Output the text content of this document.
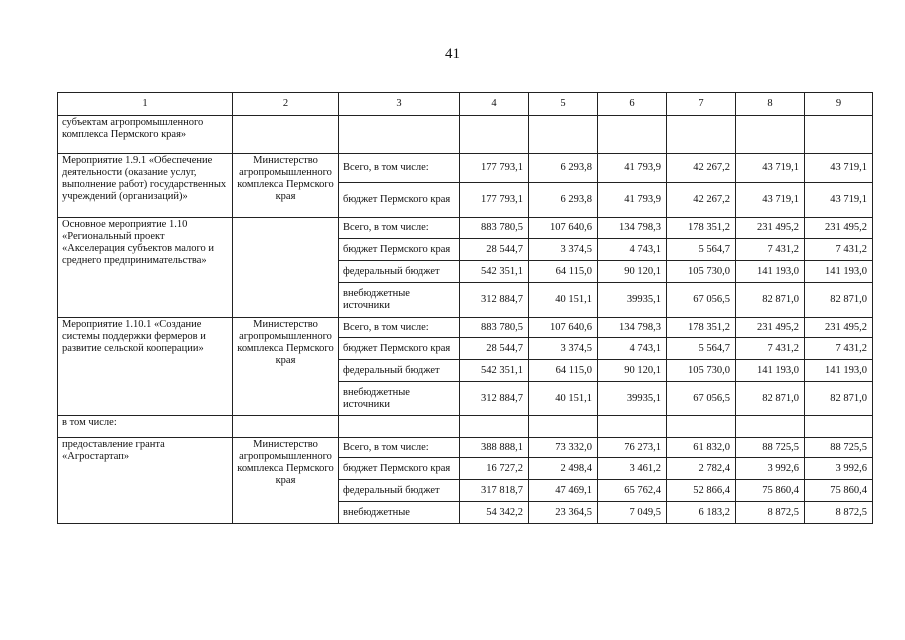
41
1	2	3	4	5	6	7	8	9
субъектам агропромышленного комплекса Пермского края»								
Мероприятие 1.9.1 «Обеспечение деятельности (оказание услуг, выполнение работ) государственных учреждений (организаций)»	Министерство агропромышленного комплекса Пермского края	Всего, в том числе:	177 793,1	6 293,8	41 793,9	42 267,2	43 719,1	43 719,1
		бюджет Пермского края	177 793,1	6 293,8	41 793,9	42 267,2	43 719,1	43 719,1
Основное мероприятие 1.10 «Региональный проект «Акселерация субъектов малого и среднего предпринимательства»		Всего, в том числе:	883 780,5	107 640,6	134 798,3	178 351,2	231 495,2	231 495,2
		бюджет Пермского края	28 544,7	3 374,5	4 743,1	5 564,7	7 431,2	7 431,2
		федеральный бюджет	542 351,1	64 115,0	90 120,1	105 730,0	141 193,0	141 193,0
		внебюджетные источники	312 884,7	40 151,1	39935,1	67 056,5	82 871,0	82 871,0
Мероприятие 1.10.1 «Создание системы поддержки фермеров и развитие сельской кооперации»	Министерство агропромышленного комплекса Пермского края	Всего, в том числе:	883 780,5	107 640,6	134 798,3	178 351,2	231 495,2	231 495,2
		бюджет Пермского края	28 544,7	3 374,5	4 743,1	5 564,7	7 431,2	7 431,2
		федеральный бюджет	542 351,1	64 115,0	90 120,1	105 730,0	141 193,0	141 193,0
		внебюджетные источники	312 884,7	40 151,1	39935,1	67 056,5	82 871,0	82 871,0
в том числе:								
предоставление гранта «Агростартап»	Министерство агропромышленного комплекса Пермского края	Всего, в том числе:	388 888,1	73 332,0	76 273,1	61 832,0	88 725,5	88 725,5
		бюджет Пермского края	16 727,2	2 498,4	3 461,2	2 782,4	3 992,6	3 992,6
		федеральный бюджет	317 818,7	47 469,1	65 762,4	52 866,4	75 860,4	75 860,4
		внебюджетные	54 342,2	23 364,5	7 049,5	6 183,2	8 872,5	8 872,5
